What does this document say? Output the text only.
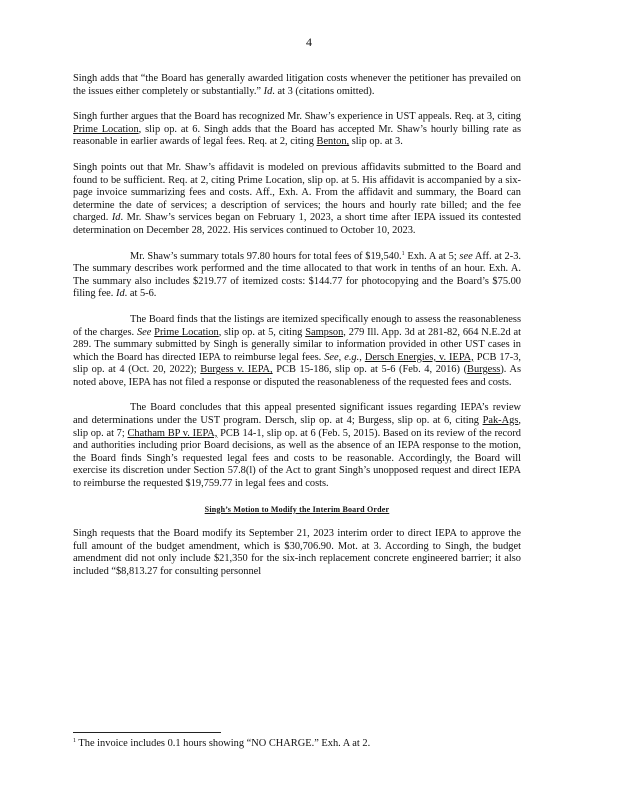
4

Singh adds that “the Board has generally awarded litigation costs whenever the petitioner has prevailed on the issues either completely or substantially.” Id. at 3 (citations omitted).

Singh further argues that the Board has recognized Mr. Shaw’s experience in UST appeals. Req. at 3, citing Prime Location, slip op. at 6. Singh adds that the Board has accepted Mr. Shaw’s hourly billing rate as reasonable in earlier awards of legal fees. Req. at 2, citing Benton, slip op. at 3.

Singh points out that Mr. Shaw’s affidavit is modeled on previous affidavits submitted to the Board and found to be sufficient. Req. at 2, citing Prime Location, slip op. at 5. His affidavit is accompanied by a six-page invoice summarizing fees and costs. Aff., Exh. A. From the affidavit and summary, the Board can determine the date of services; a description of services; the hours and hourly rate billed; and the fee charged. Id. Mr. Shaw’s services began on February 1, 2023, a short time after IEPA issued its contested determination on December 28, 2022. His services continued to October 10, 2023.

Mr. Shaw’s summary totals 97.80 hours for total fees of $19,540.$^1$ Exh. A at 5; see Aff. at 2-3. The summary describes work performed and the time allocated to that work in tenths of an hour. Exh. A. The summary also includes $219.77 of itemized costs: $144.77 for photocopying and the Board’s $75.00 filing fee. Id. at 5-6.

The Board finds that the listings are itemized specifically enough to assess the reasonableness of the charges. See Prime Location, slip op. at 5, citing Sampson, 279 Ill. App. 3d at 281-82, 664 N.E.2d at 289. The summary submitted by Singh is generally similar to information provided in other UST cases in which the Board has directed IEPA to reimburse legal fees. See, e.g., Dersch Energies, v. IEPA, PCB 17-3, slip op. at 4 (Oct. 20, 2022); Burgess v. IEPA, PCB 15-186, slip op. at 5-6 (Feb. 4, 2016) (Burgess). As noted above, IEPA has not filed a response or disputed the reasonableness of the requested fees and costs.

The Board concludes that this appeal presented significant issues regarding IEPA’s review and determinations under the UST program. Dersch, slip op. at 4; Burgess, slip op. at 6, citing Pak-Ags, slip op. at 7; Chatham BP v. IEPA, PCB 14-1, slip op. at 6 (Feb. 5, 2015). Based on its review of the record and authorities including prior Board decisions, as well as the absence of an IEPA response to the motion, the Board finds Singh’s requested legal fees and costs to be reasonable. Accordingly, the Board will exercise its discretion under Section 57.8(l) of the Act to grant Singh’s unopposed request and direct IEPA to reimburse the requested $19,759.77 in legal fees and costs.

Singh’s Motion to Modify the Interim Board Order

Singh requests that the Board modify its September 21, 2023 interim order to direct IEPA to approve the full amount of the budget amendment, which is $30,706.90. Mot. at 3. According to Singh, the budget amendment did not only include $21,350 for the six-inch replacement concrete engineered barrier; it also included “$8,813.27 for consulting personnel

$^1$ The invoice includes 0.1 hours showing “NO CHARGE.” Exh. A at 2.
